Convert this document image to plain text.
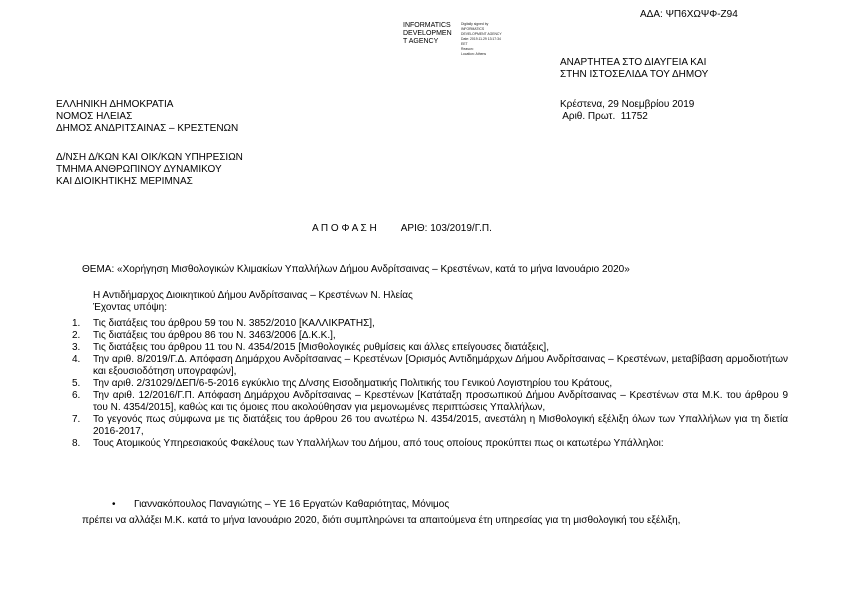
ΑΔΑ: ΨΠ6ΧΩΨΦ-Ζ94
INFORMATICS
DEVELOPMEN
T AGENCY
Digitally signed by
INFORMATICS
DEVELOPMENT AGENCY
Date: 2019.11.29 13:17:34
EET
Reason:
Location: Athens
ΑΝΑΡΤΗΤΕΑ ΣΤΟ ΔΙΑΥΓΕΙΑ ΚΑΙ
ΣΤΗΝ ΙΣΤΟΣΕΛΙΔΑ ΤΟΥ ΔΗΜΟΥ
ΕΛΛΗΝΙΚΗ ΔΗΜΟΚΡΑΤΙΑ
ΝΟΜΟΣ ΗΛΕΙΑΣ
ΔΗΜΟΣ ΑΝΔΡΙΤΣΑΙΝΑΣ – ΚΡΕΣΤΕΝΩΝ
Κρέστενα, 29 Νοεμβρίου 2019
Αριθ. Πρωτ.  11752
Δ/ΝΣΗ Δ/ΚΩΝ ΚΑΙ ΟΙΚ/ΚΩΝ ΥΠΗΡΕΣΙΩΝ
ΤΜΗΜΑ ΑΝΘΡΩΠΙΝΟΥ ΔΥΝΑΜΙΚΟΥ
ΚΑΙ ΔΙΟΙΚΗΤΙΚΗΣ ΜΕΡΙΜΝΑΣ
Α Π Ο Φ Α Σ Η ΑΡΙΘ: 103/2019/Γ.Π.
ΘΕΜΑ: «Χορήγηση Μισθολογικών Κλιμακίων Υπαλλήλων Δήμου Ανδρίτσαινας – Κρεστένων, κατά το μήνα Ιανουάριο 2020»
Η Αντιδήμαρχος Διοικητικού Δήμου Ανδρίτσαινας – Κρεστένων Ν. Ηλείας
Έχοντας υπόψη:
1. Τις διατάξεις του άρθρου 59 του Ν. 3852/2010 [ΚΑΛΛΙΚΡΑΤΗΣ],
2. Τις διατάξεις του άρθρου 86 του Ν. 3463/2006 [Δ.Κ.Κ.],
3. Τις διατάξεις του άρθρου 11 του Ν. 4354/2015 [Μισθολογικές ρυθμίσεις και άλλες επείγουσες διατάξεις],
4. Την αριθ. 8/2019/Γ.Δ. Απόφαση Δημάρχου Ανδρίτσαινας – Κρεστένων [Ορισμός Αντιδημάρχων Δήμου Ανδρίτσαινας – Κρεστένων, μεταβίβαση αρμοδιοτήτων και εξουσιοδότηση υπογραφών],
5. Την αριθ. 2/31029/ΔΕΠ/6-5-2016 εγκύκλιο της Δ/νσης Εισοδηματικής Πολιτικής του Γενικού Λογιστηρίου του Κράτους,
6. Την αριθ. 12/2016/Γ.Π. Απόφαση Δημάρχου Ανδρίτσαινας – Κρεστένων [Κατάταξη προσωπικού Δήμου Ανδρίτσαινας – Κρεστένων στα Μ.Κ. του άρθρου 9 του Ν. 4354/2015], καθώς και τις όμοιες που ακολούθησαν για μεμονωμένες περιπτώσεις Υπαλλήλων,
7. Το γεγονός πως σύμφωνα με τις διατάξεις του άρθρου 26 του ανωτέρω Ν. 4354/2015, ανεστάλη η Μισθολογική εξέλιξη όλων των Υπαλλήλων για τη διετία 2016-2017,
8. Τους Ατομικούς Υπηρεσιακούς Φακέλους των Υπαλλήλων του Δήμου, από τους οποίους προκύπτει πως οι κατωτέρω Υπάλληλοι:
• Γιαννακόπουλος Παναγιώτης – ΥΕ 16 Εργατών Καθαριότητας, Μόνιμος
πρέπει να αλλάξει Μ.Κ. κατά το μήνα Ιανουάριο 2020, διότι συμπληρώνει τα απαιτούμενα έτη υπηρεσίας για τη μισθολογική του εξέλιξη,
